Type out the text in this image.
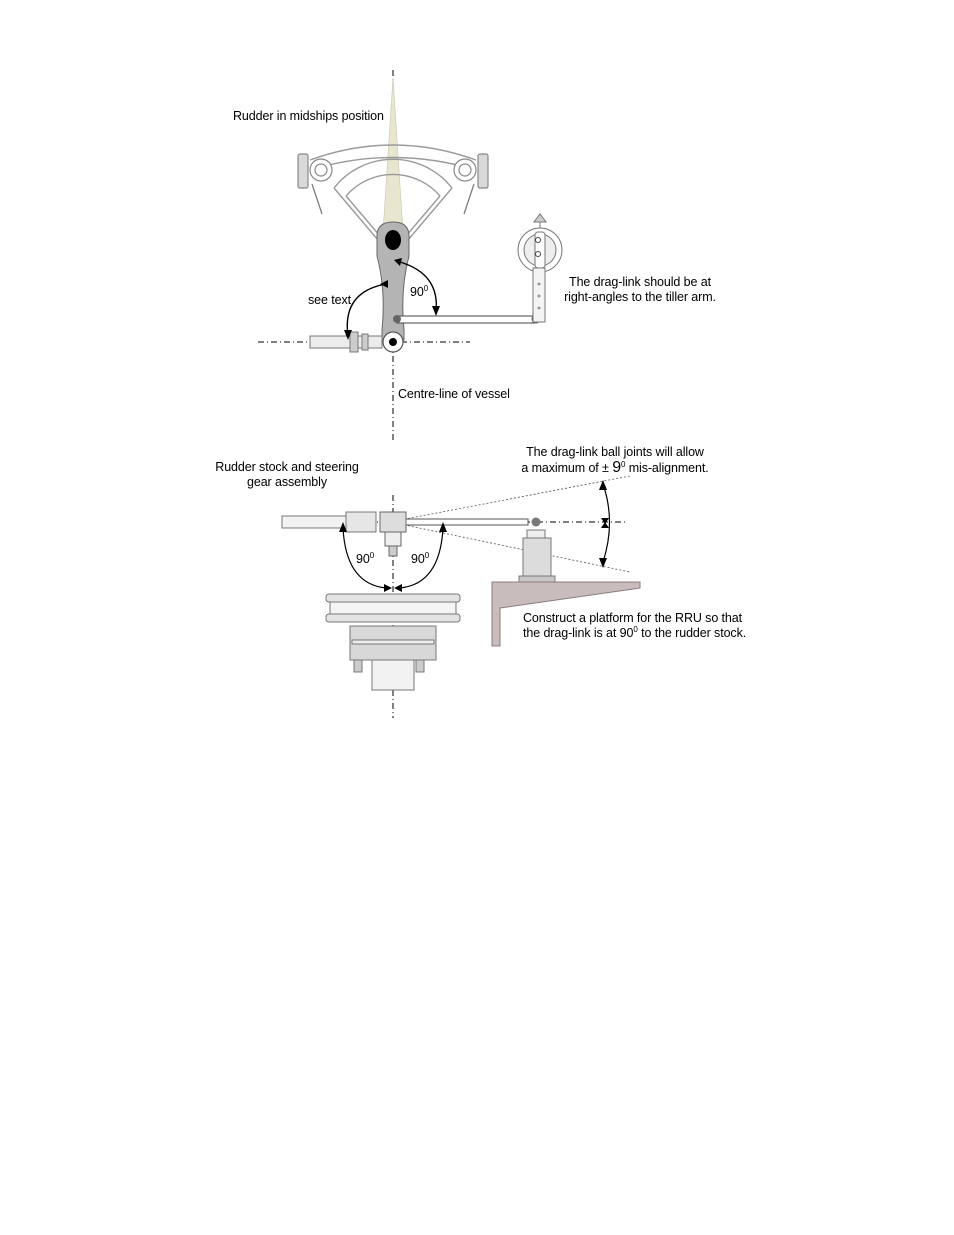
Rudder in midships position
see text
$90^0$	The drag-link should be at
right-angles to the tiller arm.
Centre-line of vessel
Rudder stock and steering
gear assembly
The drag-link ball joints will allow
a maximum of ± $9^0$ mis-alignment.
$90^0$	$90^0$
Construct a platform for the RRU so that
the drag-link is at $90^0$ to the rudder stock.
